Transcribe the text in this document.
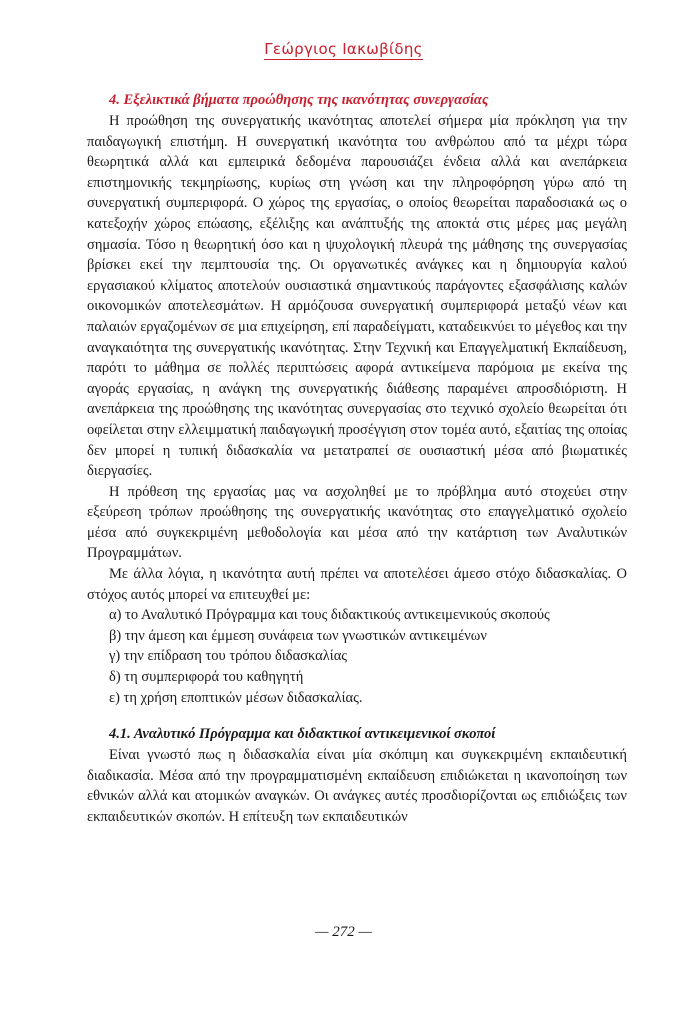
Γεώργιος Ιακωβίδης
4. Εξελικτικά βήματα προώθησης της ικανότητας συνεργασίας

Η προώθηση της συνεργατικής ικανότητας αποτελεί σήμερα μία πρόκληση για την παιδαγωγική επιστήμη. Η συνεργατική ικανότητα του ανθρώπου από τα μέχρι τώρα θεωρητικά αλλά και εμπειρικά δεδομένα παρουσιάζει ένδεια αλλά και ανεπάρκεια επιστημονικής τεκμηρίωσης, κυρίως στη γνώση και την πληροφόρηση γύρω από τη συνεργατική συμπεριφορά. Ο χώρος της εργασίας, ο οποίος θεωρείται παραδοσιακά ως ο κατεξοχήν χώρος επώασης, εξέλιξης και ανάπτυξής της αποκτά στις μέρες μας μεγάλη σημασία. Τόσο η θεωρητική όσο και η ψυχολογική πλευρά της μάθησης της συνεργασίας βρίσκει εκεί την πεμπτουσία της. Οι οργανωτικές ανάγκες και η δημιουργία καλού εργασιακού κλίματος αποτελούν ουσιαστικά σημαντικούς παράγοντες εξασφάλισης καλών οικονομικών αποτελεσμάτων. Η αρμόζουσα συνεργατική συμπεριφορά μεταξύ νέων και παλαιών εργαζομένων σε μια επιχείρηση, επί παραδείγματι, καταδεικνύει το μέγεθος και την αναγκαιότητα της συνεργατικής ικανότητας. Στην Τεχνική και Επαγγελματική Εκπαίδευση, παρότι το μάθημα σε πολλές περιπτώσεις αφορά αντικείμενα παρόμοια με εκείνα της αγοράς εργασίας, η ανάγκη της συνεργατικής διάθεσης παραμένει απροσδιόριστη. Η ανεπάρκεια της προώθησης της ικανότητας συνεργασίας στο τεχνικό σχολείο θεωρείται ότι οφείλεται στην ελλειμματική παιδαγωγική προσέγγιση στον τομέα αυτό, εξαιτίας της οποίας δεν μπορεί η τυπική διδασκαλία να μετατραπεί σε ουσιαστική μέσα από βιωματικές διεργασίες.

Η πρόθεση της εργασίας μας να ασχοληθεί με το πρόβλημα αυτό στοχεύει στην εξεύρεση τρόπων προώθησης της συνεργατικής ικανότητας στο επαγγελματικό σχολείο μέσα από συγκεκριμένη μεθοδολογία και μέσα από την κατάρτιση των Αναλυτικών Προγραμμάτων.

Με άλλα λόγια, η ικανότητα αυτή πρέπει να αποτελέσει άμεσο στόχο διδασκαλίας. Ο στόχος αυτός μπορεί να επιτευχθεί με:

α) το Αναλυτικό Πρόγραμμα και τους διδακτικούς αντικειμενικούς σκοπούς
β) την άμεση και έμμεση συνάφεια των γνωστικών αντικειμένων
γ) την επίδραση του τρόπου διδασκαλίας
δ) τη συμπεριφορά του καθηγητή
ε) τη χρήση εποπτικών μέσων διδασκαλίας.
4.1. Αναλυτικό Πρόγραμμα και διδακτικοί αντικειμενικοί σκοποί

Είναι γνωστό πως η διδασκαλία είναι μία σκόπιμη και συγκεκριμένη εκπαιδευτική διαδικασία. Μέσα από την προγραμματισμένη εκπαίδευση επιδιώκεται η ικανοποίηση των εθνικών αλλά και ατομικών αναγκών. Οι ανάγκες αυτές προσδιορίζονται ως επιδιώξεις των εκπαιδευτικών σκοπών. Η επίτευξη των εκπαιδευτικών

— 272 —
